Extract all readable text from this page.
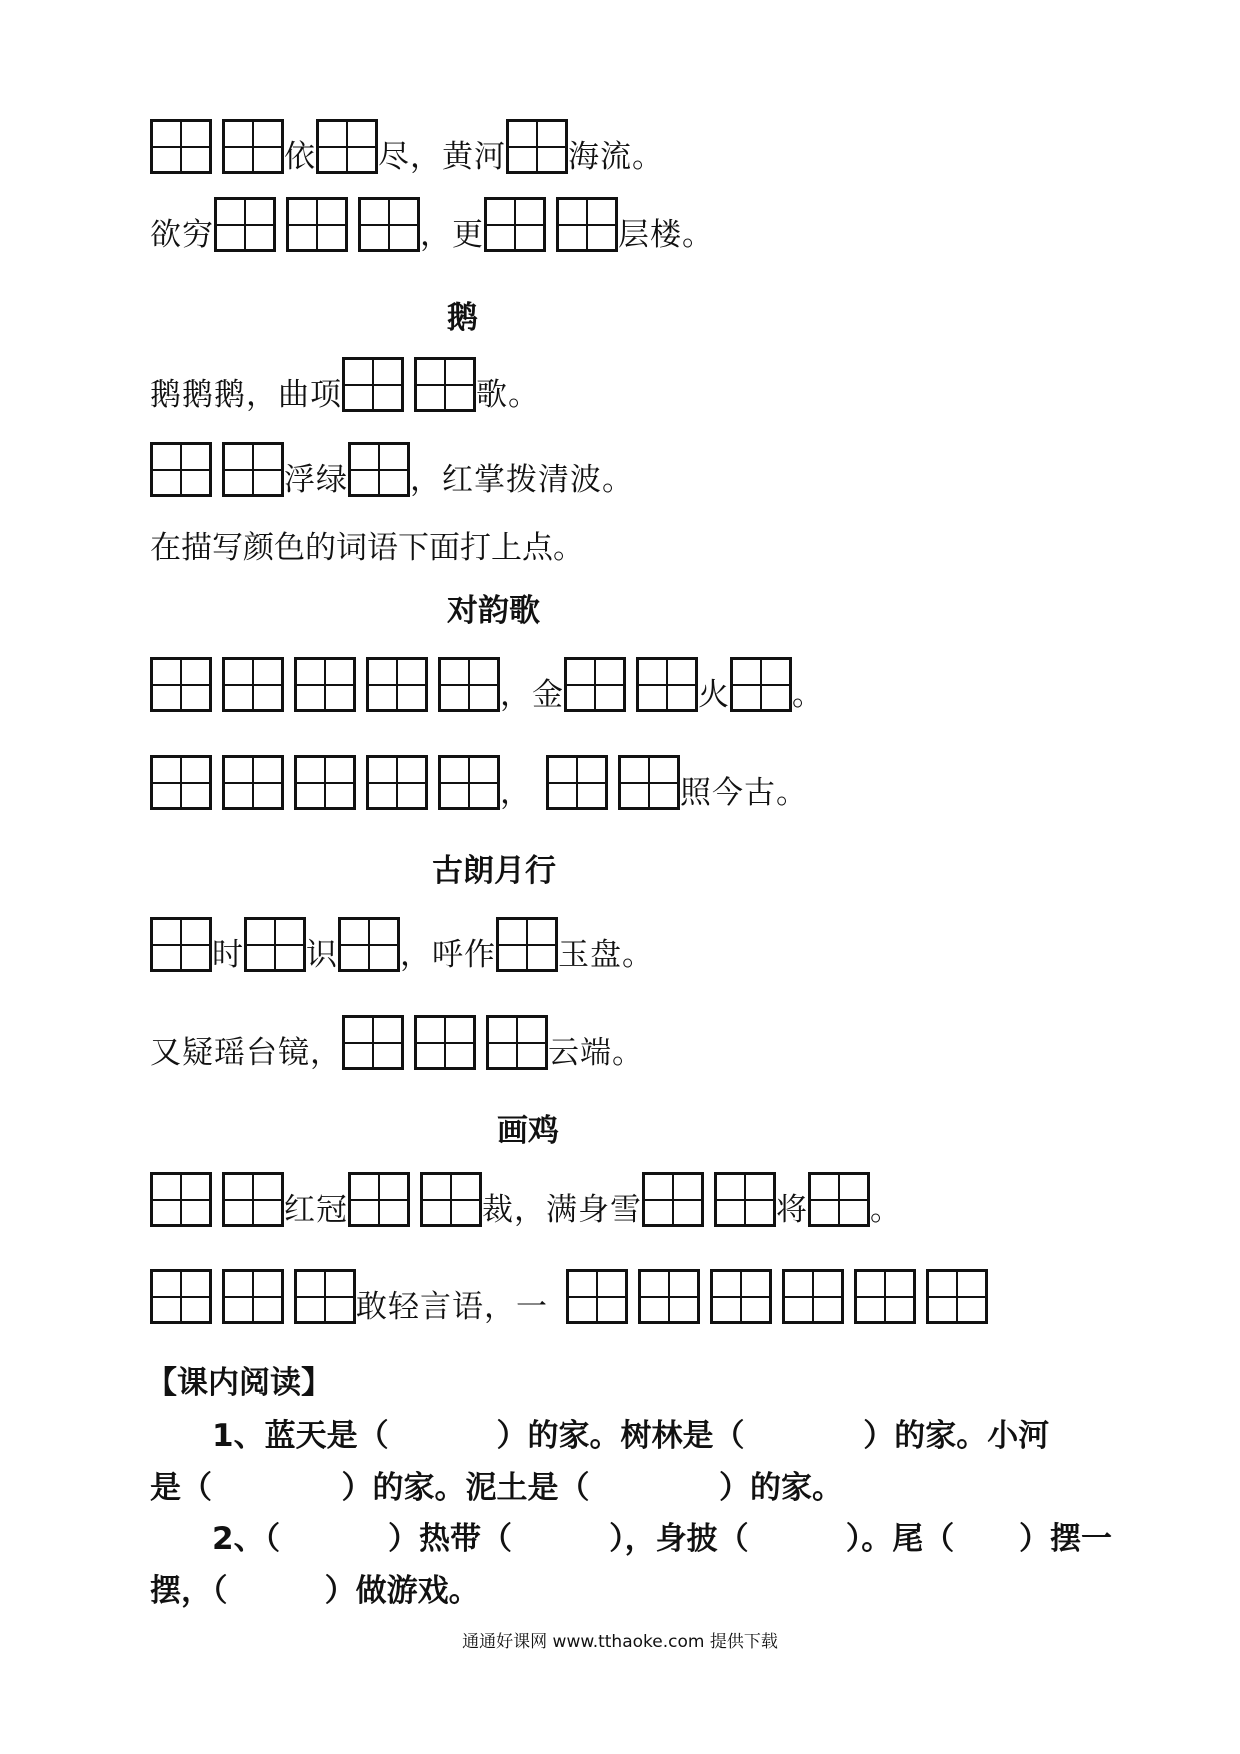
依 尽，黄河 海流。
欲穷	，更	层楼。
鹅
鹅鹅鹅，曲项	歌。
浮绿 ，红掌拨清波。
在描写颜色的词语下面打上点。
对韵歌
，金	火 。
，	照今古。
古朗月行
时 识 ，呼作 玉盘。
又疑瑶台镜，	云端。
画鸡
红冠	裁，满身雪	将 。
敢轻言语，一
【课内阅读】
1、蓝天是（          ）的家。树林是（           ）的家。小河
是（            ）的家。泥土是（            ）的家。
2、（          ）热带（         ），身披（         ）。尾（      ）摆一
摆，（         ）做游戏。
通通好课网 www.tthaoke.com 提供下载
